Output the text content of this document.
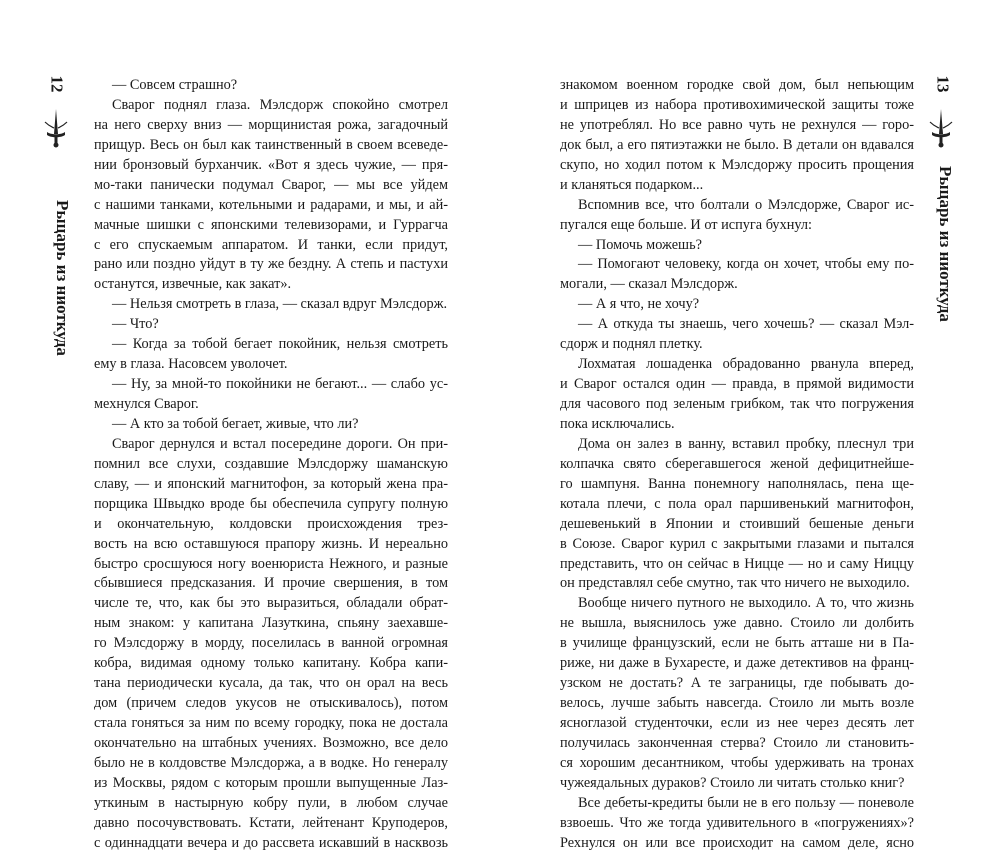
12
Рыцарь из ниоткуда
— Совсем страшно?
Сварог поднял глаза. Мэлсдорж спокойно смотрел
на него сверху вниз — морщинистая рожа, загадочный
прищур. Весь он был как таинственный в своем всеведе-
нии бронзовый бурханчик. «Вот я здесь чужие, — пря-
мо-таки панически подумал Сварог, — мы все уйдем
с нашими танками, котельными и радарами, и мы, и ай-
мачные шишки с японскими телевизорами, и Гуррагча
с его спускаемым аппаратом. И танки, если придут,
рано или поздно уйдут в ту же бездну. А степь и пастухи
останутся, извечные, как закат».
— Нельзя смотреть в глаза, — сказал вдруг Мэлсдорж.
— Что?
— Когда за тобой бегает покойник, нельзя смотреть
ему в глаза. Насовсем уволочет.
— Ну, за мной-то покойники не бегают... — слабо ус-
мехнулся Сварог.
— А кто за тобой бегает, живые, что ли?
Сварог дернулся и встал посередине дороги. Он при-
помнил все слухи, создавшие Мэлсдоржу шаманскую
славу, — и японский магнитофон, за который жена пра-
порщика Швыдко вроде бы обеспечила супругу полную
и окончательную, колдовски происхождения трез-
вость на всю оставшуюся прапору жизнь. И нереально
быстро сросшуюся ногу военюриста Нежного, и разные
сбывшиеся предсказания. И прочие свершения, в том
числе те, что, как бы это выразиться, обладали обрат-
ным знаком: у капитана Лазуткина, спьяну заехавше-
го Мэлсдоржу в морду, поселилась в ванной огромная
кобра, видимая одному только капитану. Кобра капи-
тана периодически кусала, да так, что он орал на весь
дом (причем следов укусов не отыскивалось), потом
стала гоняться за ним по всему городку, пока не достала
окончательно на штабных учениях. Возможно, все дело
было не в колдовстве Мэлсдоржа, а в водке. Но генералу
из Москвы, рядом с которым прошли выпущенные Лаз-
уткиным в настырную кобру пули, в любом случае
давно посочувствовать. Кстати, лейтенант Круподеров,
с одиннадцати вечера и до рассвета искавший в насквозь
знакомом военном городке свой дом, был непьющим
и шприцев из набора противохимической защиты тоже
не употреблял. Но все равно чуть не рехнулся — горо-
док был, а его пятиэтажки не было. В детали он вдавался
скупо, но ходил потом к Мэлсдоржу просить прощения
и кланяться подарком...
Вспомнив все, что болтали о Мэлсдорже, Сварог ис-
пугался еще больше. И от испуга бухнул:
— Помочь можешь?
— Помогают человеку, когда он хочет, чтобы ему по-
могали, — сказал Мэлсдорж.
— А я что, не хочу?
— А откуда ты знаешь, чего хочешь? — сказал Мэл-
сдорж и поднял плетку.
Лохматая лошаденка обрадованно рванула вперед,
и Сварог остался один — правда, в прямой видимости
для часового под зеленым грибком, так что погружения
пока исключались.
Дома он залез в ванну, вставил пробку, плеснул три
колпачка свято сберегавшегося женой дефицитнейше-
го шампуня. Ванна понемногу наполнялась, пена ще-
котала плечи, с пола орал паршивенький магнитофон,
дешевенький в Японии и стоивший бешеные деньги
в Союзе. Сварог курил с закрытыми глазами и пытался
представить, что он сейчас в Ницце — но и саму Ниццу
он представлял себе смутно, так что ничего не выходило.
Вообще ничего путного не выходило. А то, что жизнь
не вышла, выяснилось уже давно. Стоило ли долбить
в училище французский, если не быть атташе ни в Па-
риже, ни даже в Бухаресте, и даже детективов на франц-
узском не достать? А те заграницы, где побывать до-
велось, лучше забыть навсегда. Стоило ли мыть возле
ясноглазой студенточки, если из нее через десять лет
получилась законченная стерва? Стоило ли становить-
ся хорошим десантником, чтобы удерживать на тронах
чужеядальных дураков? Стоило ли читать столько книг?
Все дебеты-кредиты были не в его пользу — поневоле
взвоешь. Что же тогда удивительного в «погружениях»?
Рехнулся он или все происходит на самом деле, ясно
Рыцарь из ниоткуда
13
